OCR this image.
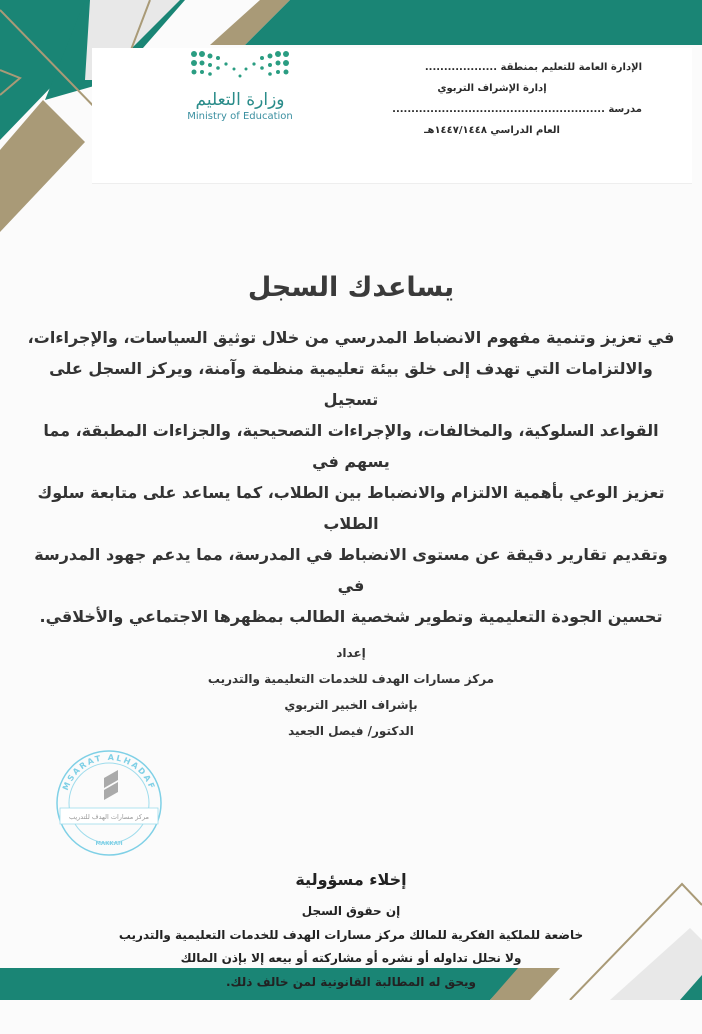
وزارة التعليم
Ministry of Education
الإدارة العامة للتعليم بمنطقة ...................
إدارة الإشراف التربوي
مدرسة ........................................................
العام الدراسي ١٤٤٧/١٤٤٨هـ
يساعدك السجل
في تعزيز وتنمية مفهوم الانضباط المدرسي من خلال توثيق السياسات، والإجراءات،
والالتزامات التي تهدف إلى خلق بيئة تعليمية منظمة وآمنة، ويركز السجل على تسجيل
القواعد السلوكية، والمخالفات، والإجراءات التصحيحية، والجزاءات المطبقة، مما يسهم في
تعزيز الوعي بأهمية الالتزام والانضباط بين الطلاب، كما يساعد على متابعة سلوك الطلاب
وتقديم تقارير دقيقة عن مستوى الانضباط في المدرسة، مما يدعم جهود المدرسة في
تحسين الجودة التعليمية وتطوير شخصية الطالب بمظهرها الاجتماعي والأخلاقي.
إعداد
مركز مسارات الهدف للخدمات التعليمية والتدريب
بإشراف الخبير التربوي
الدكتور/ فيصل الجعيد
MSARAT ALHADAF
مركز مسارات الهدف للتدريب
MAKKAH
إخلاء مسؤولية
إن حقوق السجل
خاضعة للملكية الفكرية للمالك مركز مسارات الهدف للخدمات التعليمية والتدريب
ولا نحلل تداوله أو نشره أو مشاركته أو بيعه إلا بإذن المالك
ويحق له المطالبة القانونية لمن خالف ذلك.
